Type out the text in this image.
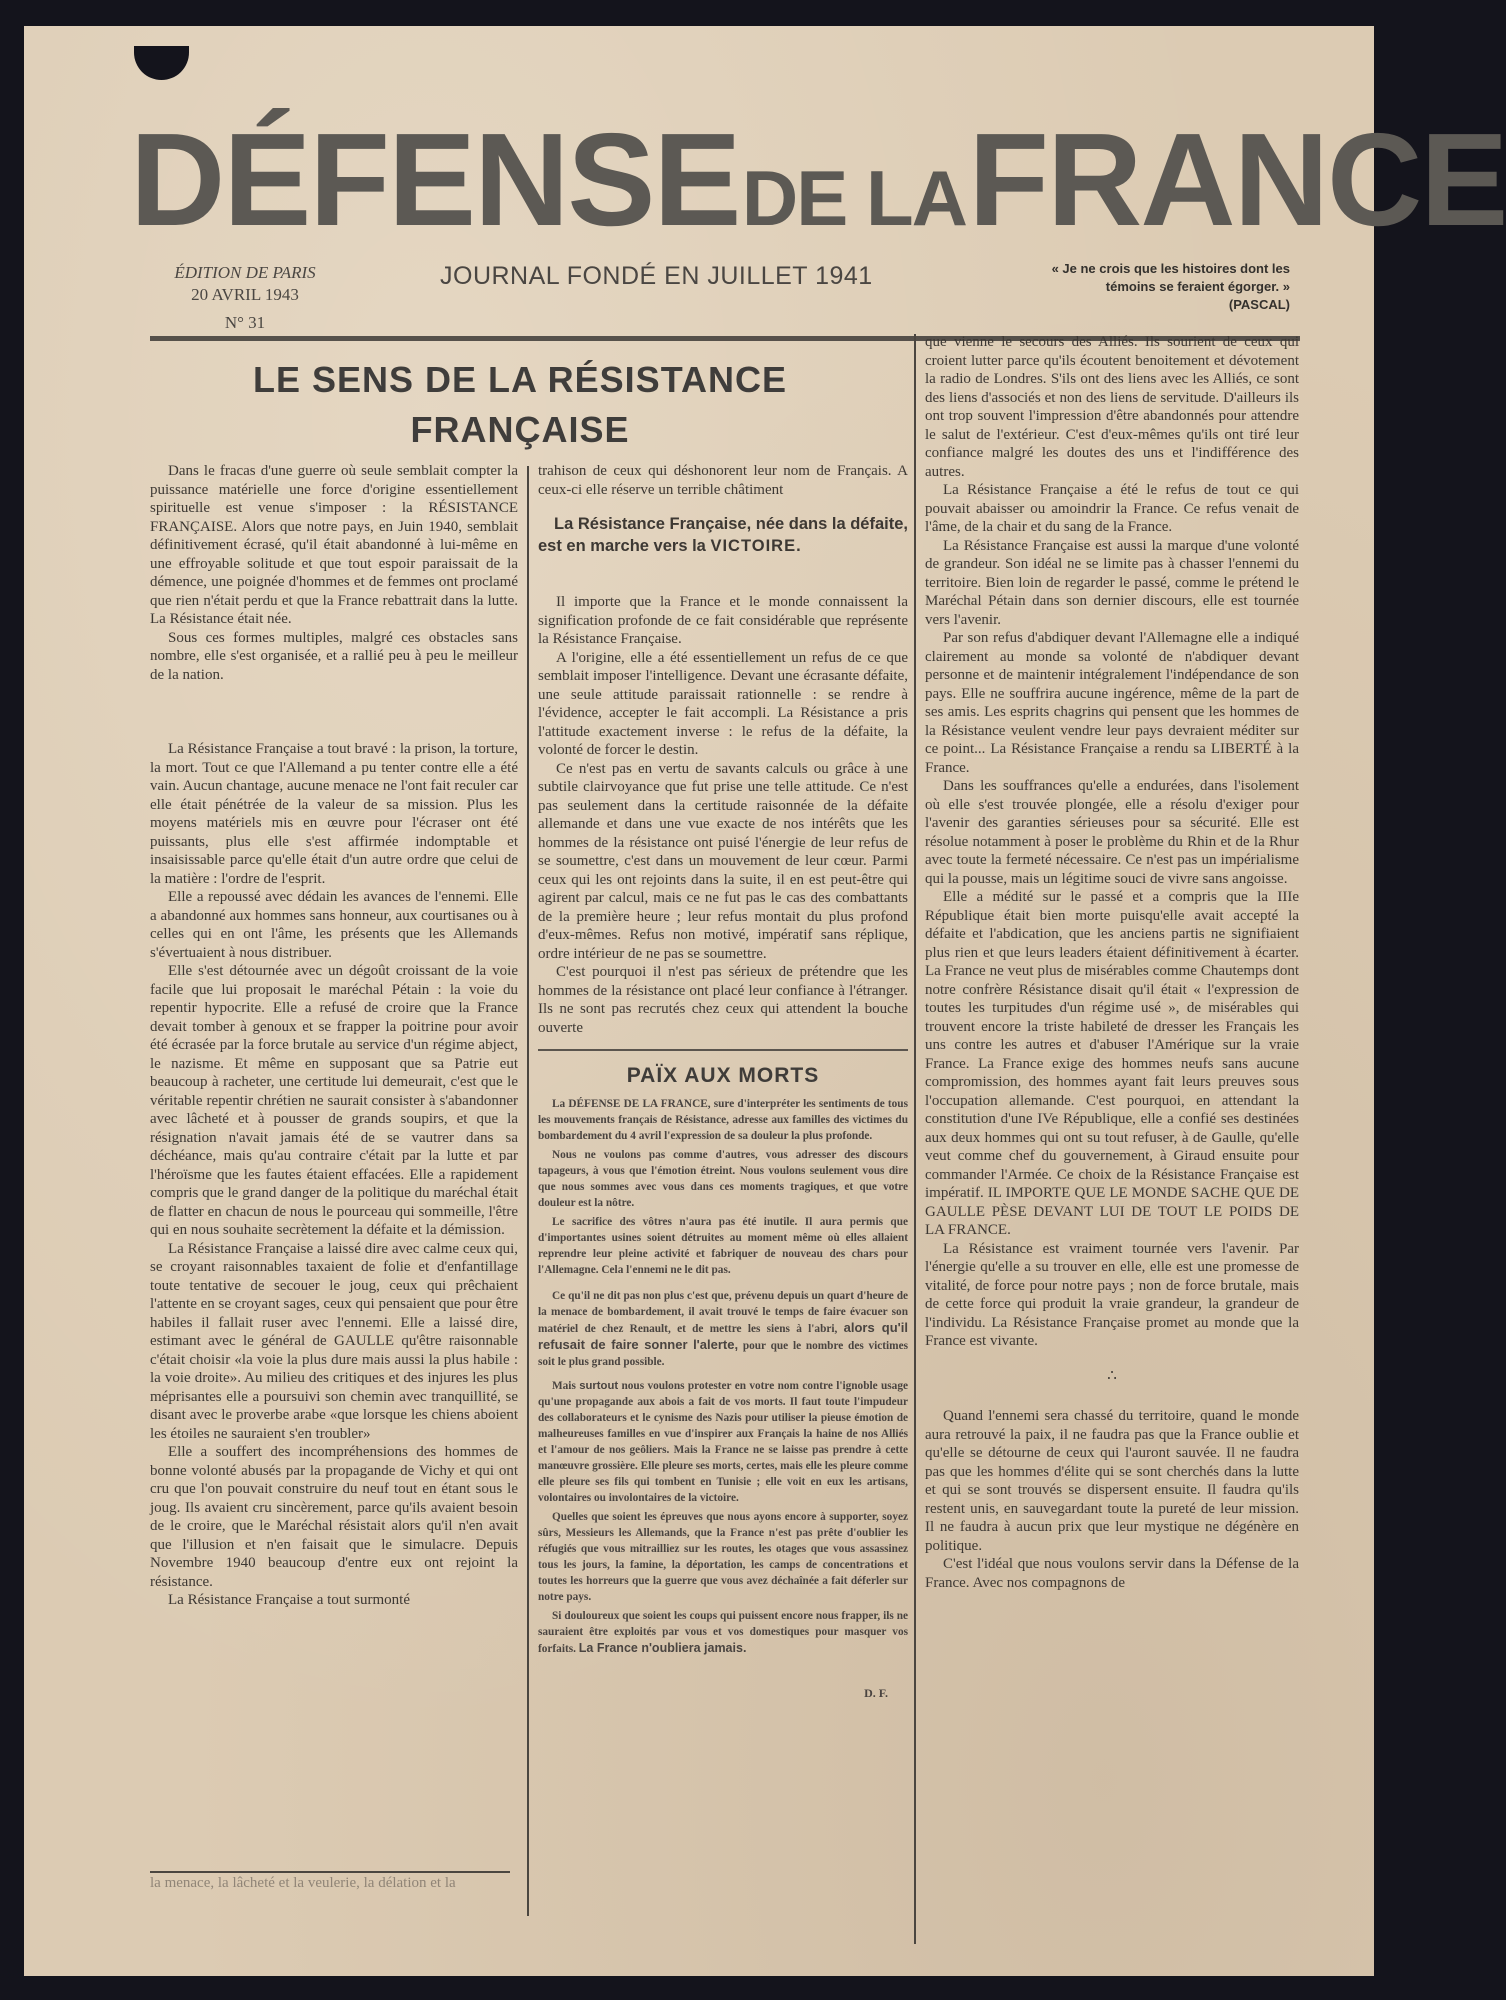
DÉFENSE DE LA FRANCE
ÉDITION DE PARIS
20 AVRIL 1943
N° 31
JOURNAL FONDÉ EN JUILLET 1941	« Je ne crois que les histoires dont les témoins se feraient égorger. »
(PASCAL)
LE SENS DE LA RÉSISTANCE
FRANÇAISE

Dans le fracas d'une guerre où seule semblait compter la puissance matérielle une force d'origine essentiellement spirituelle est venue s'imposer : la RÉSISTANCE FRANÇAISE. Alors que notre pays, en Juin 1940, semblait définitivement écrasé, qu'il était abandonné à lui-même en une effroyable solitude et que tout espoir paraissait de la démence, une poignée d'hommes et de femmes ont proclamé que rien n'était perdu et que la France rebattrait dans la lutte. La Résistance était née.

Sous ces formes multiples, malgré ces obstacles sans nombre, elle s'est organisée, et a rallié peu à peu le meilleur de la nation.

La Résistance Française a tout bravé : la prison, la torture, la mort. Tout ce que l'Allemand a pu tenter contre elle a été vain. Aucun chantage, aucune menace ne l'ont fait reculer car elle était pénétrée de la valeur de sa mission. Plus les moyens matériels mis en œuvre pour l'écraser ont été puissants, plus elle s'est affirmée indomptable et insaisissable parce qu'elle était d'un autre ordre que celui de la matière : l'ordre de l'esprit.

Elle a repoussé avec dédain les avances de l'ennemi. Elle a abandonné aux hommes sans honneur, aux courtisanes ou à celles qui en ont l'âme, les présents que les Allemands s'évertuaient à nous distribuer.

Elle s'est détournée avec un dégoût croissant de la voie facile que lui proposait le maréchal Pétain : la voie du repentir hypocrite. Elle a refusé de croire que la France devait tomber à genoux et se frapper la poitrine pour avoir été écrasée par la force brutale au service d'un régime abject, le nazisme. Et même en supposant que sa Patrie eut beaucoup à racheter, une certitude lui demeurait, c'est que le véritable repentir chrétien ne saurait consister à s'abandonner avec lâcheté et à pousser de grands soupirs, et que la résignation n'avait jamais été de se vautrer dans sa déchéance, mais qu'au contraire c'était par la lutte et par l'héroïsme que les fautes étaient effacées. Elle a rapidement compris que le grand danger de la politique du maréchal était de flatter en chacun de nous le pourceau qui sommeille, l'être qui en nous souhaite secrètement la défaite et la démission.

La Résistance Française a laissé dire avec calme ceux qui, se croyant raisonnables taxaient de folie et d'enfantillage toute tentative de secouer le joug, ceux qui prêchaient l'attente en se croyant sages, ceux qui pensaient que pour être habiles il fallait ruser avec l'ennemi. Elle a laissé dire, estimant avec le général de GAULLE qu'être raisonnable c'était choisir «la voie la plus dure mais aussi la plus habile : la voie droite». Au milieu des critiques et des injures les plus méprisantes elle a poursuivi son chemin avec tranquillité, se disant avec le proverbe arabe «que lorsque les chiens aboient les étoiles ne sauraient s'en troubler»

Elle a souffert des incompréhensions des hommes de bonne volonté abusés par la propagande de Vichy et qui ont cru que l'on pouvait construire du neuf tout en étant sous le joug. Ils avaient cru sincèrement, parce qu'ils avaient besoin de le croire, que le Maréchal résistait alors qu'il n'en avait que l'illusion et n'en faisait que le simulacre. Depuis Novembre 1940 beaucoup d'entre eux ont rejoint la résistance.

La Résistance Française a tout surmonté

la menace, la lâcheté et la veulerie, la délation et la

trahison de ceux qui déshonorent leur nom de Français. A ceux-ci elle réserve un terrible châtiment

La Résistance Française, née dans la défaite, est en marche vers la VICTOIRE.

Il importe que la France et le monde connaissent la signification profonde de ce fait considérable que représente la Résistance Française.

A l'origine, elle a été essentiellement un refus de ce que semblait imposer l'intelligence. Devant une écrasante défaite, une seule attitude paraissait rationnelle : se rendre à l'évidence, accepter le fait accompli. La Résistance a pris l'attitude exactement inverse : le refus de la défaite, la volonté de forcer le destin.

Ce n'est pas en vertu de savants calculs ou grâce à une subtile clairvoyance que fut prise une telle attitude. Ce n'est pas seulement dans la certitude raisonnée de la défaite allemande et dans une vue exacte de nos intérêts que les hommes de la résistance ont puisé l'énergie de leur refus de se soumettre, c'est dans un mouvement de leur cœur. Parmi ceux qui les ont rejoints dans la suite, il en est peut-être qui agirent par calcul, mais ce ne fut pas le cas des combattants de la première heure ; leur refus montait du plus profond d'eux-mêmes. Refus non motivé, impératif sans réplique, ordre intérieur de ne pas se soumettre.

C'est pourquoi il n'est pas sérieux de prétendre que les hommes de la résistance ont placé leur confiance à l'étranger. Ils ne sont pas recrutés chez ceux qui attendent la bouche ouverte

PAÏX AUX MORTS

La DÉFENSE DE LA FRANCE, sure d'interpréter les sentiments de tous les mouvements français de Résistance, adresse aux familles des victimes du bombardement du 4 avril l'expression de sa douleur la plus profonde.

Nous ne voulons pas comme d'autres, vous adresser des discours tapageurs, à vous que l'émotion étreint. Nous voulons seulement vous dire que nous sommes avec vous dans ces moments tragiques, et que votre douleur est la nôtre.

Le sacrifice des vôtres n'aura pas été inutile. Il aura permis que d'importantes usines soient détruites au moment même où elles allaient reprendre leur pleine activité et fabriquer de nouveau des chars pour l'Allemagne. Cela l'ennemi ne le dit pas.

Ce qu'il ne dit pas non plus c'est que, prévenu depuis un quart d'heure de la menace de bombardement, il avait trouvé le temps de faire évacuer son matériel de chez Renault, et de mettre les siens à l'abri, alors qu'il refusait de faire sonner l'alerte, pour que le nombre des victimes soit le plus grand possible.

Mais surtout nous voulons protester en votre nom contre l'ignoble usage qu'une propagande aux abois a fait de vos morts. Il faut toute l'impudeur des collaborateurs et le cynisme des Nazis pour utiliser la pieuse émotion de malheureuses familles en vue d'inspirer aux Français la haine de nos Alliés et l'amour de nos geôliers. Mais la France ne se laisse pas prendre à cette manœuvre grossière. Elle pleure ses morts, certes, mais elle les pleure comme elle pleure ses fils qui tombent en Tunisie ; elle voit en eux les artisans, volontaires ou involontaires de la victoire.

Quelles que soient les épreuves que nous ayons encore à supporter, soyez sûrs, Messieurs les Allemands, que la France n'est pas prête d'oublier les réfugiés que vous mitrailliez sur les routes, les otages que vous assassinez tous les jours, la famine, la déportation, les camps de concentrations et toutes les horreurs que la guerre que vous avez déchaînée a fait déferler sur notre pays.

Si douloureux que soient les coups qui puissent encore nous frapper, ils ne sauraient être exploités par vous et vos domestiques pour masquer vos forfaits. La France n'oubliera jamais.

D. F.

que vienne le secours des Alliés. Ils sourient de ceux qui croient lutter parce qu'ils écoutent benoitement et dévotement la radio de Londres. S'ils ont des liens avec les Alliés, ce sont des liens d'associés et non des liens de servitude. D'ailleurs ils ont trop souvent l'impression d'être abandonnés pour attendre le salut de l'extérieur. C'est d'eux-mêmes qu'ils ont tiré leur confiance malgré les doutes des uns et l'indifférence des autres.

La Résistance Française a été le refus de tout ce qui pouvait abaisser ou amoindrir la France. Ce refus venait de l'âme, de la chair et du sang de la France.

La Résistance Française est aussi la marque d'une volonté de grandeur. Son idéal ne se limite pas à chasser l'ennemi du territoire. Bien loin de regarder le passé, comme le prétend le Maréchal Pétain dans son dernier discours, elle est tournée vers l'avenir.

Par son refus d'abdiquer devant l'Allemagne elle a indiqué clairement au monde sa volonté de n'abdiquer devant personne et de maintenir intégralement l'indépendance de son pays. Elle ne souffrira aucune ingérence, même de la part de ses amis. Les esprits chagrins qui pensent que les hommes de la Résistance veulent vendre leur pays devraient méditer sur ce point... La Résistance Française a rendu sa LIBERTÉ à la France.

Dans les souffrances qu'elle a endurées, dans l'isolement où elle s'est trouvée plongée, elle a résolu d'exiger pour l'avenir des garanties sérieuses pour sa sécurité. Elle est résolue notamment à poser le problème du Rhin et de la Rhur avec toute la fermeté nécessaire. Ce n'est pas un impérialisme qui la pousse, mais un légitime souci de vivre sans angoisse.

Elle a médité sur le passé et a compris que la IIIe République était bien morte puisqu'elle avait accepté la défaite et l'abdication, que les anciens partis ne signifiaient plus rien et que leurs leaders étaient définitivement à écarter. La France ne veut plus de misérables comme Chautemps dont notre confrère Résistance disait qu'il était « l'expression de toutes les turpitudes d'un régime usé », de misérables qui trouvent encore la triste habileté de dresser les Français les uns contre les autres et d'abuser l'Amérique sur la vraie France. La France exige des hommes neufs sans aucune compromission, des hommes ayant fait leurs preuves sous l'occupation allemande. C'est pourquoi, en attendant la constitution d'une IVe République, elle a confié ses destinées aux deux hommes qui ont su tout refuser, à de Gaulle, qu'elle veut comme chef du gouvernement, à Giraud ensuite pour commander l'Armée. Ce choix de la Résistance Française est impératif. IL IMPORTE QUE LE MONDE SACHE QUE DE GAULLE PÈSE DEVANT LUI DE TOUT LE POIDS DE LA FRANCE.

La Résistance est vraiment tournée vers l'avenir. Par l'énergie qu'elle a su trouver en elle, elle est une promesse de vitalité, de force pour notre pays ; non de force brutale, mais de cette force qui produit la vraie grandeur, la grandeur de l'individu. La Résistance Française promet au monde que la France est vivante.

∴

Quand l'ennemi sera chassé du territoire, quand le monde aura retrouvé la paix, il ne faudra pas que la France oublie et qu'elle se détourne de ceux qui l'auront sauvée. Il ne faudra pas que les hommes d'élite qui se sont cherchés dans la lutte et qui se sont trouvés se dispersent ensuite. Il faudra qu'ils restent unis, en sauvegardant toute la pureté de leur mission. Il ne faudra à aucun prix que leur mystique ne dégénère en politique.

C'est l'idéal que nous voulons servir dans la Défense de la France. Avec nos compagnons de
